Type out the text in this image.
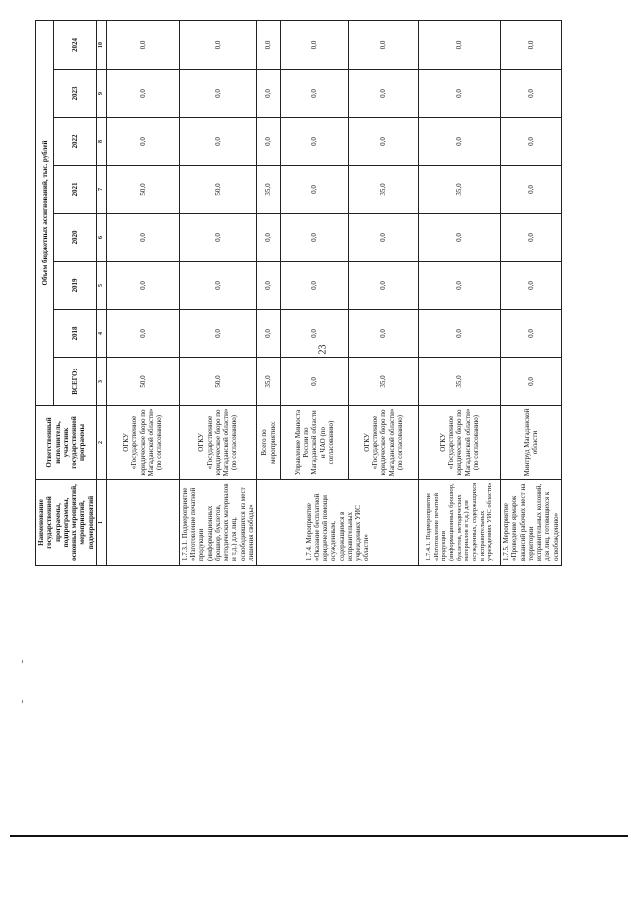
23
Наименование государственной программы, подпрограммы, основных мероприятий, мероприятий, подмероприятий	Ответственный исполнитель, участник государственной программы	Объем бюджетных ассигнований, тыс. рублей							
		ВСЕГО:	2018	2019	2020	2021	2022	2023	2024
1	2	3	4	5	6	7	8	9	10
	ОГКУ «Государственное юридическое бюро по Магаданской области» (по согласованию)	50,0	0,0	0,0	0,0	50,0	0,0	0,0	0,0
1.7.3.1. Подмероприятие «Изготовление печатной продукции (информационных брошюр, буклетов, методических материалов и т.д.) для лиц, освободившихся из мест лишения свободы»	ОГКУ «Государственное юридическое бюро по Магаданской области» (по согласованию)	50,0	0,0	0,0	0,0	50,0	0,0	0,0	0,0
1.7.4. Мероприятие «Оказание бесплатной юридической помощи осужденным, содержащимся в исправительных учреждениях УИС области»	Всего по мероприятию:	35,0	0,0	0,0	0,0	35,0	0,0	0,0	0,0
	Управление Минюста России по Магаданской области и ЧАО (по согласованию)	0,0	0,0	0,0	0,0	0,0	0,0	0,0	0,0
	ОГКУ «Государственное юридическое бюро по Магаданской области» (по согласованию)	35,0	0,0	0,0	0,0	35,0	0,0	0,0	0,0
1.7.4.1. Подмероприятие «Изготовление печатной продукции (информационных брошюр, буклетов, методических материалов и т.д.) для осужденных, содержащихся в исправительных учреждениях УИС области»	ОГКУ «Государственное юридическое бюро по Магаданской области» (по согласованию)	35,0	0,0	0,0	0,0	35,0	0,0	0,0	0,0
1.7.5. Мероприятие «Проведение ярмарок вакансий рабочих мест на территории исправительных колоний, для лиц, готовящихся к освобождению»	Минтруд Магаданской области	0,0	0,0	0,0	0,0	0,0	0,0	0,0	0,0
